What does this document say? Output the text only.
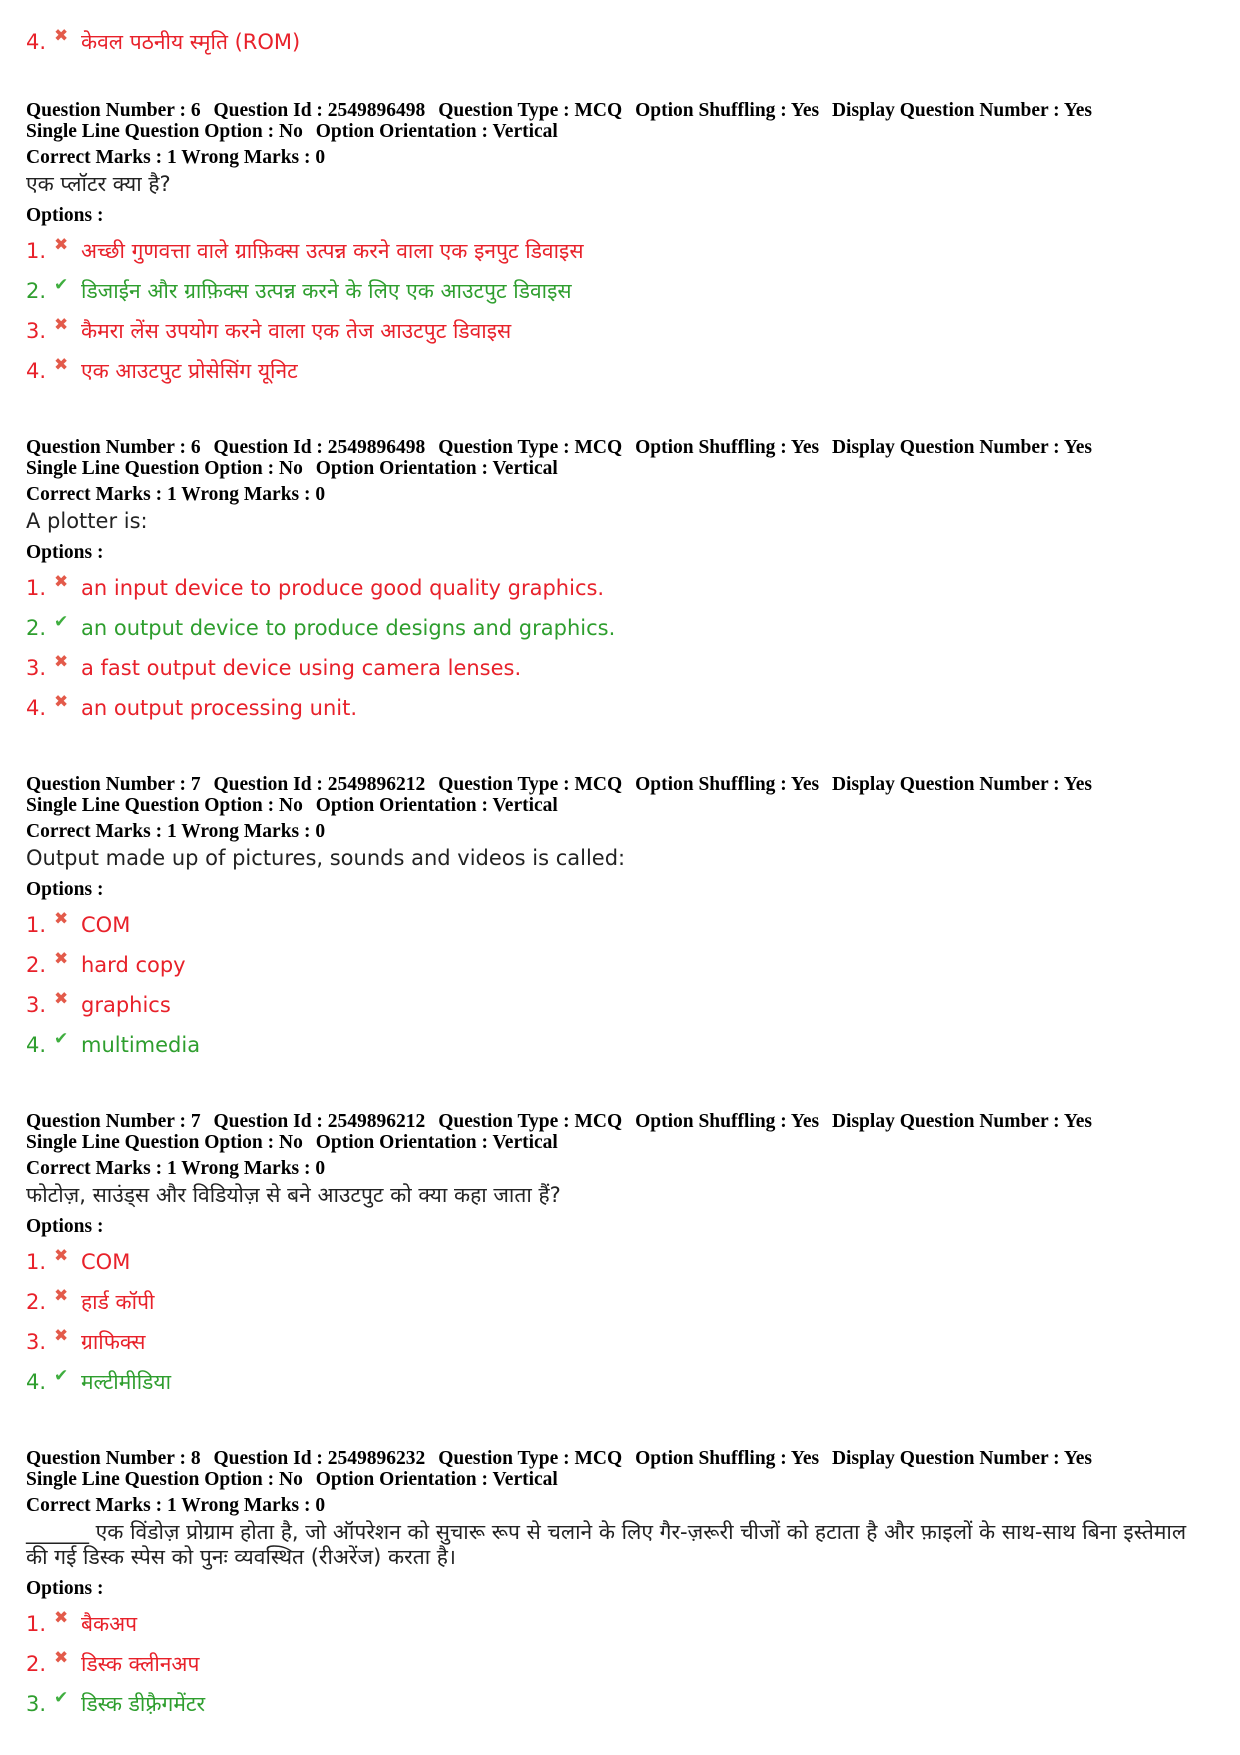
4. ✖ केवल पठनीय स्मृति (ROM)
Question Number : 6 Question Id : 2549896498 Question Type : MCQ Option Shuffling : Yes Display Question Number : Yes
Single Line Question Option : No Option Orientation : Vertical
Correct Marks : 1 Wrong Marks : 0
एक प्लॉटर क्या है?
Options :
1. ✖ अच्छी गुणवत्ता वाले ग्राफ़िक्स उत्पन्न करने वाला एक इनपुट डिवाइस
2. ✔ डिजाईन और ग्राफ़िक्स उत्पन्न करने के लिए एक आउटपुट डिवाइस
3. ✖ कैमरा लेंस उपयोग करने वाला एक तेज आउटपुट डिवाइस
4. ✖ एक आउटपुट प्रोसेसिंग यूनिट
Question Number : 6 Question Id : 2549896498 Question Type : MCQ Option Shuffling : Yes Display Question Number : Yes
Single Line Question Option : No Option Orientation : Vertical
Correct Marks : 1 Wrong Marks : 0
A plotter is:
Options :
1. ✖ an input device to produce good quality graphics.
2. ✔ an output device to produce designs and graphics.
3. ✖ a fast output device using camera lenses.
4. ✖ an output processing unit.
Question Number : 7 Question Id : 2549896212 Question Type : MCQ Option Shuffling : Yes Display Question Number : Yes
Single Line Question Option : No Option Orientation : Vertical
Correct Marks : 1 Wrong Marks : 0
Output made up of pictures, sounds and videos is called:
Options :
1. ✖ COM
2. ✖ hard copy
3. ✖ graphics
4. ✔ multimedia
Question Number : 7 Question Id : 2549896212 Question Type : MCQ Option Shuffling : Yes Display Question Number : Yes
Single Line Question Option : No Option Orientation : Vertical
Correct Marks : 1 Wrong Marks : 0
फोटोज़, साउंड्स और विडियोज़ से बने आउटपुट को क्या कहा जाता हैं?
Options :
1. ✖ COM
2. ✖ हार्ड कॉपी
3. ✖ ग्राफिक्स
4. ✔ मल्टीमीडिया
Question Number : 8 Question Id : 2549896232 Question Type : MCQ Option Shuffling : Yes Display Question Number : Yes
Single Line Question Option : No Option Orientation : Vertical
Correct Marks : 1 Wrong Marks : 0
______ एक विंडोज़ प्रोग्राम होता है, जो ऑपरेशन को सुचारू रूप से चलाने के लिए गैर-ज़रूरी चीजों को हटाता है और फ़ाइलों के साथ-साथ बिना इस्तेमाल की गई डिस्क स्पेस को पुनः व्यवस्थित (रीअरेंज) करता है।
Options :
1. ✖ बैकअप
2. ✖ डिस्क क्लीनअप
3. ✔ डिस्क डीफ़्रैगमेंटर
